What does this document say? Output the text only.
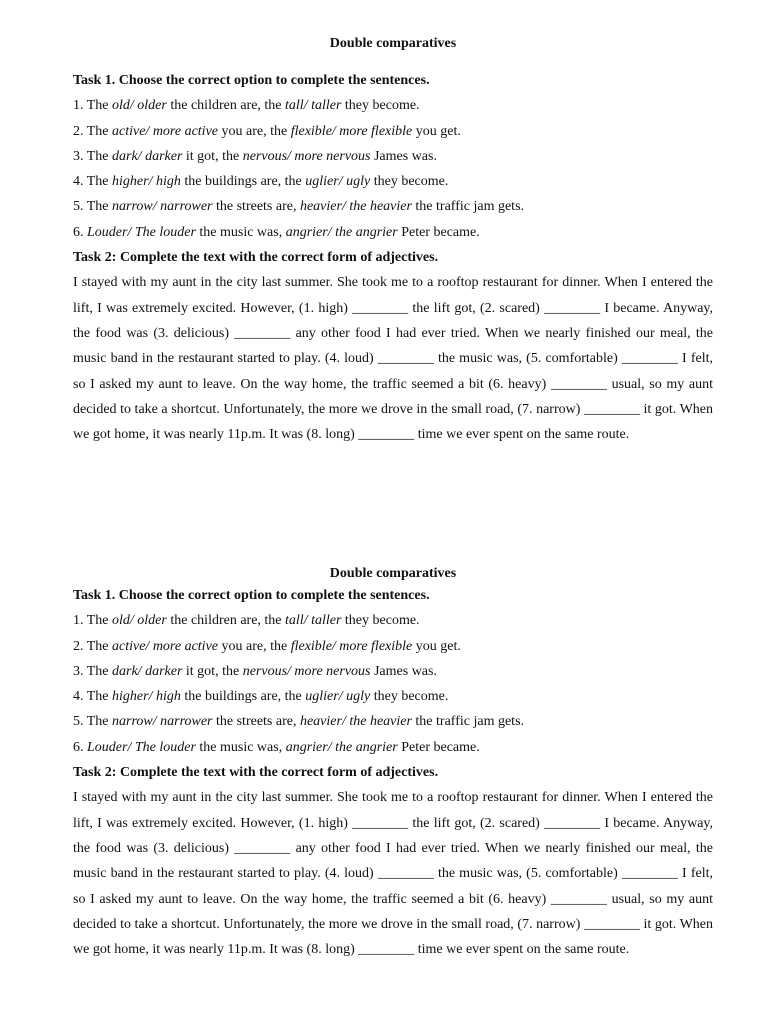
Double comparatives
Task 1. Choose the correct option to complete the sentences.
1. The old/ older the children are, the tall/ taller they become.
2. The active/ more active you are, the flexible/ more flexible you get.
3. The dark/ darker it got, the nervous/ more nervous James was.
4. The higher/ high the buildings are, the uglier/ ugly they become.
5. The narrow/ narrower the streets are, heavier/ the heavier the traffic jam gets.
6. Louder/ The louder the music was, angrier/ the angrier Peter became.
Task 2: Complete the text with the correct form of adjectives.
I stayed with my aunt in the city last summer. She took me to a rooftop restaurant for dinner. When I entered the lift, I was extremely excited. However, (1. high) ________ the lift got, (2. scared) ________ I became. Anyway, the food was (3. delicious) ________ any other food I had ever tried. When we nearly finished our meal, the music band in the restaurant started to play. (4. loud) ________ the music was, (5. comfortable) ________ I felt, so I asked my aunt to leave. On the way home, the traffic seemed a bit (6. heavy) ________ usual, so my aunt decided to take a shortcut. Unfortunately, the more we drove in the small road, (7. narrow) ________ it got. When we got home, it was nearly 11p.m. It was (8. long) ________ time we ever spent on the same route.
Double comparatives
Task 1. Choose the correct option to complete the sentences.
1. The old/ older the children are, the tall/ taller they become.
2. The active/ more active you are, the flexible/ more flexible you get.
3. The dark/ darker it got, the nervous/ more nervous James was.
4. The higher/ high the buildings are, the uglier/ ugly they become.
5. The narrow/ narrower the streets are, heavier/ the heavier the traffic jam gets.
6. Louder/ The louder the music was, angrier/ the angrier Peter became.
Task 2: Complete the text with the correct form of adjectives.
I stayed with my aunt in the city last summer. She took me to a rooftop restaurant for dinner. When I entered the lift, I was extremely excited. However, (1. high) ________ the lift got, (2. scared) ________ I became. Anyway, the food was (3. delicious) ________ any other food I had ever tried. When we nearly finished our meal, the music band in the restaurant started to play. (4. loud) ________ the music was, (5. comfortable) ________ I felt, so I asked my aunt to leave. On the way home, the traffic seemed a bit (6. heavy) ________ usual, so my aunt decided to take a shortcut. Unfortunately, the more we drove in the small road, (7. narrow) ________ it got. When we got home, it was nearly 11p.m. It was (8. long) ________ time we ever spent on the same route.
